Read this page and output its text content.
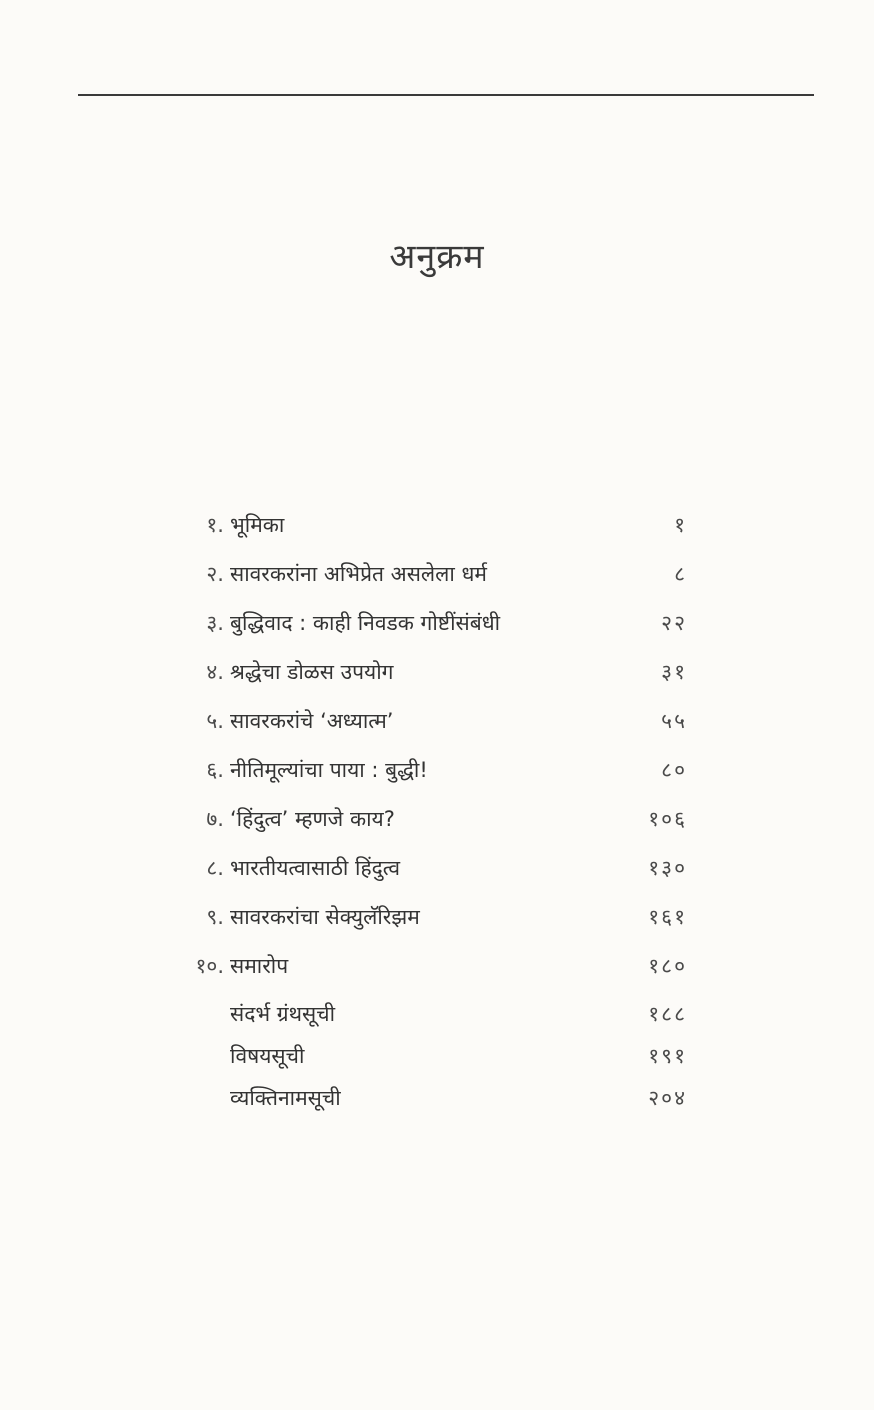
अनुक्रम
१. भूमिका	१
२. सावरकरांना अभिप्रेत असलेला धर्म	८
३. बुद्धिवाद : काही निवडक गोष्टींसंबंधी	२२
४. श्रद्धेचा डोळस उपयोग	३१
५. सावरकरांचे ‘अध्यात्म’	५५
६. नीतिमूल्यांचा पाया : बुद्धी!	८०
७. ‘हिंदुत्व’ म्हणजे काय?	१०६
८. भारतीयत्वासाठी हिंदुत्व	१३०
९. सावरकरांचा सेक्युलॅरिझम	१६१
१०. समारोप	१८०
संदर्भ ग्रंथसूची	१८८
विषयसूची	१९१
व्यक्तिनामसूची	२०४
